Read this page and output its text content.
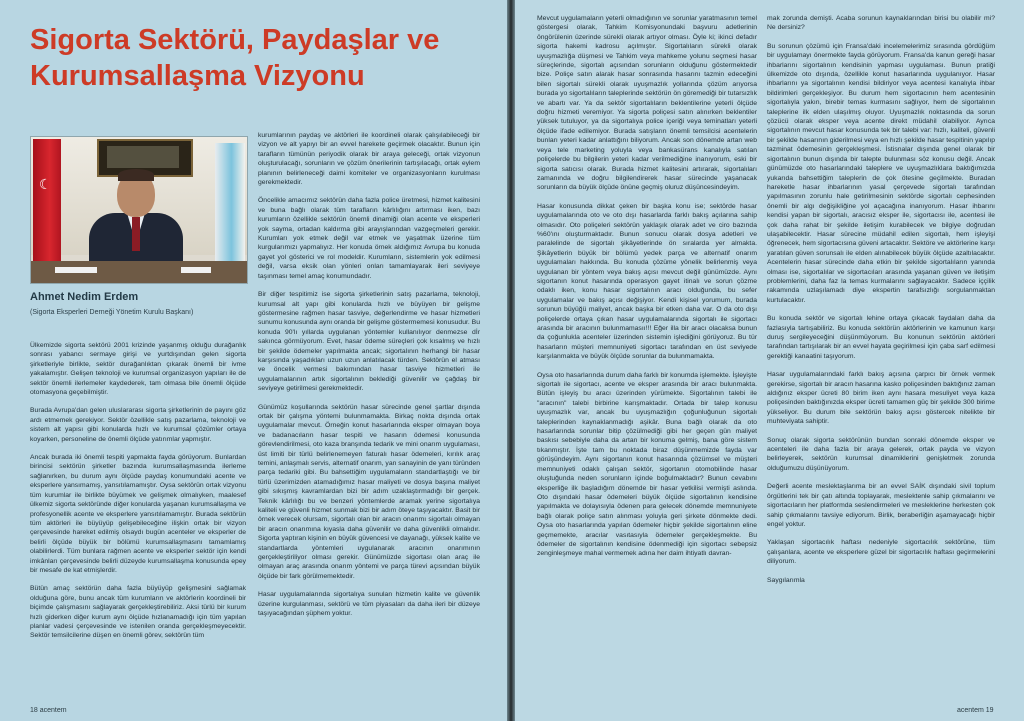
Sigorta Sektörü, Paydaşlar ve Kurumsallaşma Vizyonu
☾

Ahmet Nedim Erdem

(Sigorta Eksperleri Derneği Yönetim Kurulu Başkanı)

Ülkemizde sigorta sektörü 2001 krizinde yaşanmış olduğu durağanlık sonrası yabancı sermaye girişi ve yurtdışından gelen sigorta şirketleriyle birlikte, sektör durağanlıktan çıkarak önemli bir ivme yakalamıştır. Gelişen teknoloji ve kurumsal organizasyon yapıları ile de sektör önemli ilerlemeler kaydederek, tam olmasa bile önemli ölçüde otomasyona geçebilmiştir.

Burada Avrupa'dan gelen uluslararası sigorta şirketlerinin de payını göz ardı etmemek gerekiyor. Sektör özellikle satış pazarlama, teknoloji ve sistem alt yapısı gibi konularda hızlı ve kurumsal çözümler ortaya koyarken, personeline de önemli ölçüde yatırımlar yapmıştır.

Ancak burada iki önemli tespiti yapmakta fayda görüyorum. Bunlardan birincisi sektörün şirketler bazında kurumsallaşmasında ilerleme sağlanırken, bu durum aynı ölçüde paydaş konumundaki acente ve eksperlere yansımamış, yansıtılamamıştır. Oysa sektörün ortak vizyonu tüm kurumlar ile birlikte büyümek ve gelişmek olmalıyken, maalesef ülkemiz sigorta sektöründe diğer konularda yaşanan kurumsallaşma ve profesyonellik acente ve eksperlere yansıtılamamıştır. Burada sektörün tüm aktörleri ile büyüyüp gelişebileceğine ilişkin ortak bir vizyon çerçevesinde hareket edilmiş olsaydı bugün acenteler ve eksperler de belirli ölçüde büyük bir bölümü kurumsallaşmasını tamamlamış olabilirlerdi. Tüm bunlara rağmen acente ve eksperler sektör için kendi imkânları çerçevesinde belirli düzeyde kurumsallaşma konusunda epey bir mesafe de kat etmişlerdir.

Bütün amaç sektörün daha fazla büyüyüp gelişmesini sağlamak olduğuna göre, bunu ancak tüm kurumların ve aktörlerin koordineli bir biçimde çalışmasını sağlayarak gerçekleştirebiliriz. Aksi türlü bir kurum hızlı giderken diğer kurum aynı ölçüde hızlanamadığı için tüm yapılan planlar vadesi çerçevesinde ve istenilen oranda gerçekleşmeyecektir. Sektör temsilcilerine düşen en önemli görev, sektörün tüm

kurumlarının paydaş ve aktörleri ile koordineli olarak çalışılabileceği bir vizyon ve alt yapıyı bir an evvel harekete geçirmek olacaktır. Bunun için tarafların tümünün periyodik olarak bir araya geleceği, ortak vizyonun oluşturulacağı, sorunların ve çözüm önerilerinin tartışılacağı, ortak eylem planının belirleneceği daimi komiteler ve organizasyonların kurulması gerekmektedir.

Öncelikle amacımız sektörün daha fazla police üretmesi, hizmet kalitesini ve buna bağlı olarak tüm tarafların kârlılığını artırması iken, bazı kurumların özellikle sektörün önemli dinamiği olan acente ve eksperleri yok sayma, ortadan kaldırma gibi arayışlarından vazgeçmeleri gerekir. Kurumları yok etmek değil var etmek ve yaşatmak üzerine tüm kurgularımızı yapmalıyız. Her konuda örnek aldığımız Avrupa bu konuda gayet yol gösterici ve rol modeldir. Kurumların, sistemlerin yok edilmesi değil, varsa eksik olan yönleri onları tamamlayarak ileri seviyeye taşınması temel amaç konumundadır.

Bir diğer tespitimiz ise sigorta şirketlerinin satış pazarlama, teknoloji, kurumsal alt yapı gibi konularda hızlı ve büyüyen bir gelişme göstermesine rağmen hasar tasviye, değerlendirme ve hasar hizmetleri sunumu konusunda aynı oranda bir gelişme göstermemesi konusudur. Bu konuda 90'lı yıllarda uygulanan yöntemler kullanılıyor denmezse dİr sakınca görmüyorum. Evet, hasar ödeme süreçleri çok kısalmış ve hızlı bir şekilde ödemeler yapılmakta ancak; sigortalının herhangi bir hasar karşısında yaşadıkları uzun uzun anlatılacak türden. Sektörün el atması ve öncelik vermesi bakımından hasar tasviye hizmetleri ile uygulamalarının artık sigortalının beklediği güvenilir ve çağdaş bir seviyeye getirilmesi gerekmektedir.

Günümüz koşullarında sektörün hasar sürecinde genel şartlar dışında ortak bir çalışma yöntemi bulunmamakta. Birkaç nokta dışında ortak uygulamalar mevcut. Örneğin konut hasarlarında eksper olmayan boya ve badanacıların hasar tespiti ve hasarın ödemesi konusunda görevlendirilmesi, oto kaza branşında tedarik ve mini onarım uygulaması, üst limiti bir türlü belirlenemeyen faturalı hasar ödemeleri, kırılık araç temini, anlaşmalı servis, alternatif onarım, yan sanayinin de yanı türünden parça tedariki gibi. Bu bahsettiğim uygulamaların standartlaştığı ve bir türlü üzerimizden atamadığımız hasar maliyeti ve dosya başına maliyet gibi sıkışmış kavramlardan bizi bir adım uzaklaştırmadığı bir gerçek. Teknik kârlılığı bu ve benzeri yöntemlerde aramak yerine sigortalıya kaliteli ve güvenli hizmet sunmak bizi bir adım öteye taşıyacaktır. Basit bir örnek verecek olursam, sigortalı olan bir aracın onarımı sigortalı olmayan bir aracın onarımına kıyasla daha güvenilir ve daha güvenlikli olmalıdır. Sigorta yaptıran kişinin en büyük güvencesi ve dayanağı, yüksek kalite ve standartlarda yöntemleri uygulanarak aracının onarımının gerçekleştiriliyor olması gerekir. Günümüzde sigortası olan araç ile olmayan araç arasında onarım yöntemi ve parça türevi açısından büyük ölçüde bir fark görülmemektedir.

Hasar uygulamalarında sigortalıya sunulan hizmetin kalite ve güvenlik üzerine kurgulanması, sektörü ve tüm piyasaları da daha ileri bir düzeye taşıyacağından şüphem yoktur.

18 acentem

Mevcut uygulamaların yeterli olmadığının ve sorunlar yaratmasının temel göstergesi olarak, Tahkim Komisyonundaki başvuru adetlerinin öngörülenin üzerinde sürekli olarak artıyor olması. Öyle ki; ikinci defadır sigorta hakemi kadrosu açılmıştır. Sigortalıların sürekli olarak uyuşmazlığa düşmesi ve Tahkim veya mahkeme yolunu seçmesi hasar süreçlerinde, sigortalı açısından sorunların olduğunu göstermektedir bize. Poliçe satın alarak hasar sonrasında hasarını tazmin edeceğini bilen sigortalı sürekli olarak uyuşmazlık yollarında çözüm arıyorsa burada yo sigortalıların taleplerinde sektörün ön göremediği bir tutarsızlık ve abartı var. Ya da sektör sigortalıların beklentilerine yeterli ölçüde doğru hizmeti veremiyor. Ya sigorta poliçesi satın alınırken beklentiler yüksek tutuluyor, ya da sigortalıya police içeriği veya teminatları yeterli ölçüde ifade edilemiyor. Burada satışların önemli temsilcisi acentelerin bunları yeteri kadar anlattığını biliyorum. Ancak son dönemde artan web veya tele marketing yoluyla veya bankasürans kanalıyla satılan poliçelerde bu bilgilerin yeteri kadar verilmediğine inanıyorum, eski bir sigorta satıcısı olarak. Burada hizmet kalitesini artırarak, sigortalıları zamanında ve doğru bilgilendirerek hasar sürecinde yaşanacak sorunların da büyük ölçüde önüne geçmiş oluruz düşüncesindeyim.

Hasar konusunda dikkat çeken bir başka konu ise; sektörde hasar uygulamalarında oto ve oto dışı hasarlarda farklı bakış açılarına sahip olmasıdır. Oto poliçeleri sektörün yaklaşık olarak adet ve ciro bazında %60'ını oluşturmaktadır. Bunun sonucu olarak dosya adetleri ve paralelinde de sigortalı şikâyetlerinde ön sıralarda yer almakta. Şikâyetlerin büyük bir bölümü yedek parça ve alternatif onarım uygulamaları hakkında. Bu konuda çözüme yönelik belirlenmiş veya uygulanan bir yöntem veya bakış açısı mevcut değil günümüzde. Aynı sigortanın konut hasarında operasyon gayet itinalı ve sorun çözme odaklı iken, konu hasar sigortalının aracı olduğunda, bu sefer uygulamalar ve bakış açısı değişiyor. Kendi kişisel yorumum, burada sorunun büyüğü maliyet, ancak başka bir etken daha var. O da oto dışı poliçelerde ortaya çıkan hasar uygulamalarında sigortalı ile sigortacı arasında bir aracının bulunmamasıı!!! Eğer illa bir aracı olacaksa bunun da çoğunlukla acenteler üzerinden sistemin işlediğini görüyoruz. Bu tür hasarların müşteri memnuniyeti sigortacı tarafından en üst seviyede karşılanmakta ve büyük ölçüde sorunlar da bulunmamakta.

Oysa oto hasarlarında durum daha farklı bir konumda işlemekte. İşleyişte sigortalı ile sigortacı, acente ve eksper arasında bir aracı bulunmakta. Bütün işleyiş bu aracı üzerinden yürümekte. Sigortalının talebi ile "aracının" talebi birbirine karışmaktadır. Ortada bir talep konusu uyuşmazlık var, ancak bu uyuşmazlığın çoğunluğunun sigortalı taleplerinden kaynaklanmadığı aşikâr. Buna bağlı olarak da oto hasarlarında sorunlar bitip çözülmediği gibi her geçen gün maliyet baskısı sebebiyle daha da artan bir konuma gelmiş, bana göre sistem tıkanmıştır. İşte tam bu noktada biraz düşünmemizde fayda var görüşündeyim. Aynı sigortanın konut hasarında çözümsel ve müşteri memnuniyeti odaklı çalışan sektör, sigortanın otomobilinde hasar oluştuğunda neden sorunların içinde boğulmaktadır? Bunun cevabını eksperliğe ilk başladığım dönemde bir hasar yetkilisi vermişti aslında. Oto dışındaki hasar ödemeleri büyük ölçüde sigortalının kendisine yapılmakta ve dolayısıyla ödenen para gelecek dönemde memnuniyete bağlı olarak poliçe satın alınması yoluyla geri şirkete dönmekte dedi. Oysa oto hasarlarında yapılan ödemeler hiçbir şekilde sigortalının eline geçmemekte, aracılar vasıtasıyla ödemeler gerçekleşmekte. Bu ödemeler de sigortalının kendisine ödenmediği için sigortacı sebepsiz zenginleşmeye mahal vermemek adına her daim ihtiyatlı davran-

mak zorunda demişti. Acaba sorunun kaynaklarından birisi bu olabilir mi? Ne dersiniz?

Bu sorunun çözümü için Fransa'daki incelemelerimiz sırasında gördüğüm bir uygulamayı önermekte fayda görüyorum. Fransa'da kanun gereği hasar ihbarlarını sigortalının kendisinin yapması uygulaması. Bunun pratiği ülkemizde oto dışında, özellikle konut hasarlarında uygulanıyor. Hasar ihbarlarını ya sigortalının kendisi bildiriyor veya acentesi kanalıyla ihbar bildirimleri gerçekleşiyor. Bu durum hem sigortacının hem acentesinin sigortalıyla yakın, birebir temas kurmasını sağlıyor, hem de sigortalının taleplerine ilk elden ulaşılmış oluyor. Uyuşmazlık noktasında da sorun çözücü olarak eksper veya acente direkt müdahil olabiliyor. Ayrıca sigortalının mevcut hasar konusunda tek bir talebi var: hızlı, kaliteli, güvenli bir şekilde hasarının giderilmesi veya en hızlı şekilde hasar tespitinin yapılıp tazminat ödemesinin gerçekleşmesi. İstisnalar dışında genel olarak bir sigortalının bunun dışında bir talepte bulunması söz konusu değil. Ancak günümüzde oto hasarlarındaki taleplere ve uyuşmazlıklara baktığımızda yukarıda bahsettiğim taleplerin de çok ötesine geçilmekte. Buradan hareketle hasar ihbarlarının yasal çerçevede sigortalı tarafından yapılmasının zorunlu hale getirilmesinin sektörde sigortalı cephesinden önemli bir algı değişikliğine yol açacağına inanıyorum. Hasar ihbarını kendisi yapan bir sigortalı, aracısız eksper ile, sigortacısı ile, acentesi ile çok daha rahat bir şekilde iletişim kurabilecek ve bilgiye doğrudan ulaşabilecektir. Hasar sürecine müdahil edilen sigortalı, hem işleyişi öğrenecek, hem sigortacısına güveni artacaktır. Sektöre ve aktörlerine karşı yaratılan güven sorunsalı ile elden alınabilecek büyük ölçüde azaltılacaktır. Acentelerin hasar sürecinde daha etkin bir şekilde sigortalıların yanında olması ise, sigortalılar ve sigortacıları arasında yaşanan güven ve iletişim problemlerini, daha faz la temas kurmalarını sağlayacaktır. Sadece iççilik rakamında uzlaşılamadı diye ekspertin tarafsızlığı sorgulanmaktan kurtulacaktır.

Bu konuda sektör ve sigortalı lehine ortaya çıkacak faydaları daha da fazlasıyla tartışabiliriz. Bu konuda sektörün aktörlerinin ve kamunun karşı duruş sergileyeceğini düşünmüyorum. Bu konunun sektörün aktörleri tarafından tartışılarak bir an evvel hayata geçirilmesi için çaba sarf edilmesi gerektiği kanaatini taşıyorum.

Hasar uygulamalarındaki farklı bakış açısına çarpıcı bir örnek vermek gerekirse, sigortalı bir aracın hasarına kasko poliçesinden baktığınız zaman aldığınız eksper ücreti 80 birim iken aynı hasara mesuliyet veya kaza poliçesinden baktığınızda eksper ücreti tamamen güç bir şekilde 300 birime yükseliyor. Bu durum bile sektörün bakış açısı göstercek nitelikte bir muhteviyata sahiptir.

Sonuç olarak sigorta sektörünün bundan sonraki dönemde eksper ve acenteleri ile daha fazla bir araya gelerek, ortak payda ve vizyon belirleyerek, sektörün kurumsal dinamiklerini genişletmek zorunda olduğumuzu düşünüyorum.

Değerli acente meslektaşlarıma bir an evvel SAİK dışındaki sivil toplum örgütlerini tek bir çatı altında toplayarak, meslektenle sahip çıkmalarını ve sigortacıların her platformda seslendirmeleri ve mesleklerine herkesten çok sahip çıkmalarını tavsiye ediyorum. Birlik, beraberliğin aşamayacağı hiçbir engel yoktur.

Yaklaşan sigortacılık haftası nedeniyle sigortacılık sektörüne, tüm çalışanlara, acente ve eksperlere güzel bir sigortacılık haftası geçirmelerini diliyorum.

Saygılarımla

acentem 19
